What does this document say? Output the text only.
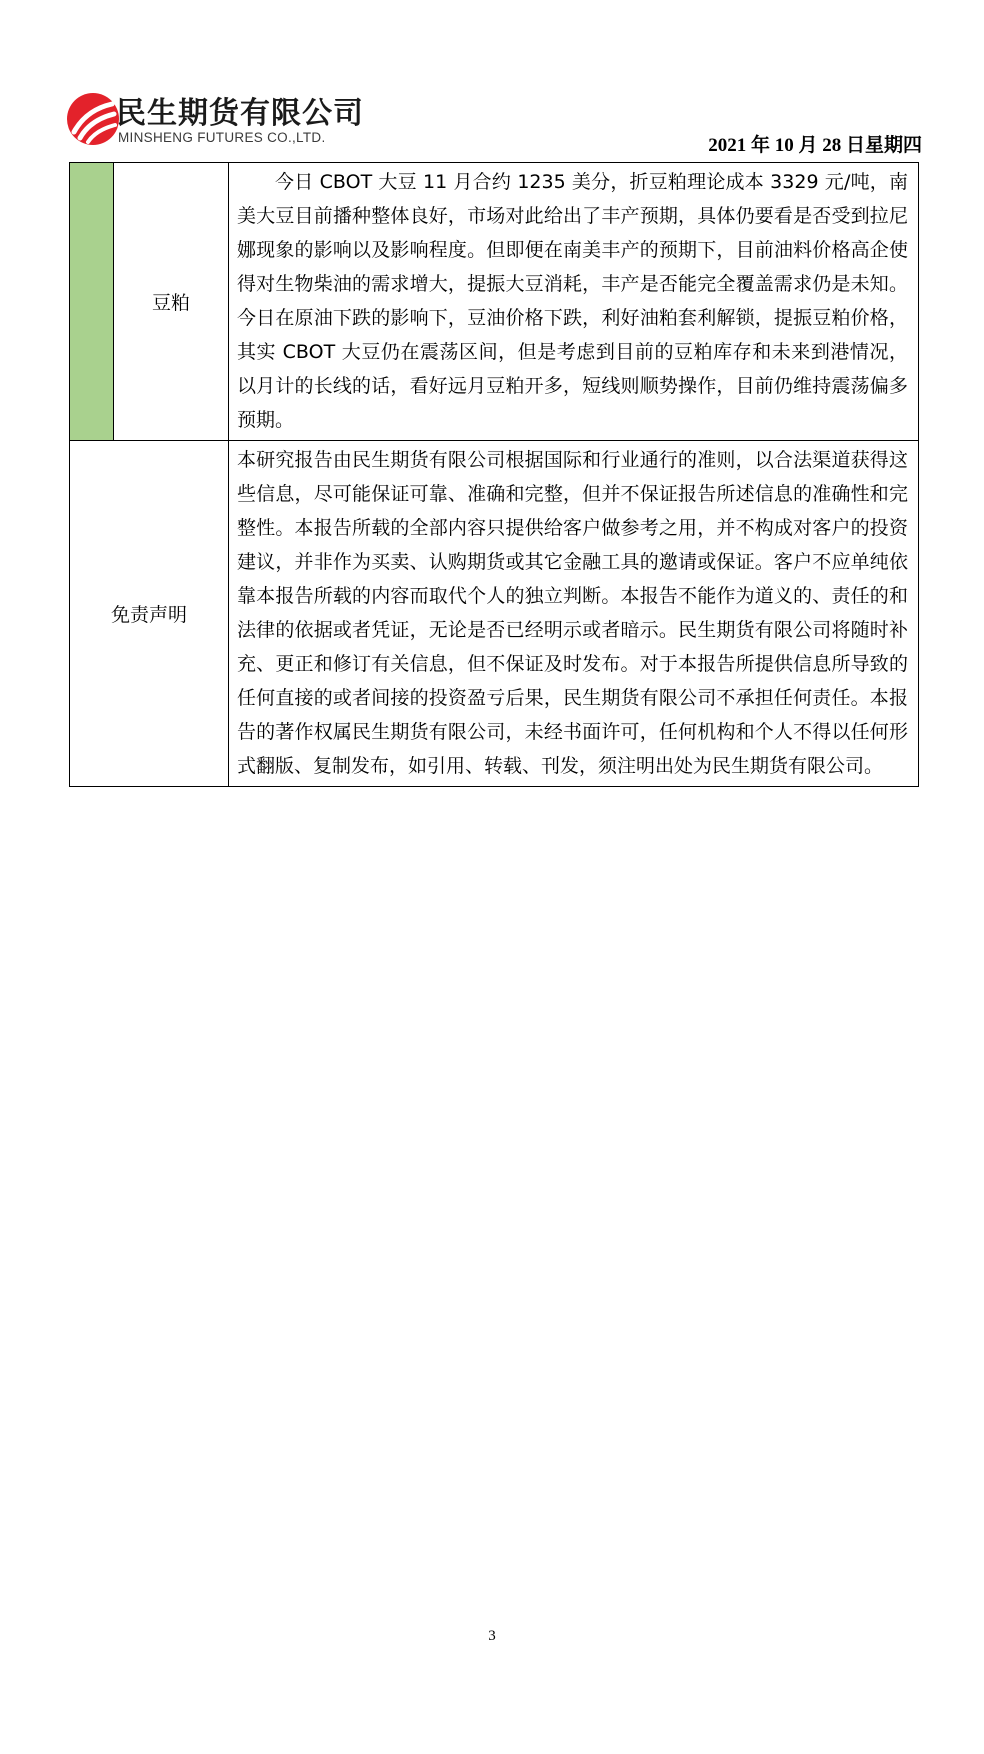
民生期货有限公司
MINSHENG FUTURES CO.,LTD.	2021 年 10 月 28 日星期四
	豆粕	今日 CBOT 大豆 11 月合约 1235 美分，折豆粕理论成本 3329 元/吨，南美大豆目前播种整体良好，市场对此给出了丰产预期，具体仍要看是否受到拉尼娜现象的影响以及影响程度。但即便在南美丰产的预期下，目前油料价格高企使得对生物柴油的需求增大，提振大豆消耗，丰产是否能完全覆盖需求仍是未知。今日在原油下跌的影响下，豆油价格下跌，利好油粕套利解锁，提振豆粕价格，其实 CBOT 大豆仍在震荡区间，但是考虑到目前的豆粕库存和未来到港情况，以月计的长线的话，看好远月豆粕开多，短线则顺势操作，目前仍维持震荡偏多预期。
免责声明		本研究报告由民生期货有限公司根据国际和行业通行的准则，以合法渠道获得这些信息，尽可能保证可靠、准确和完整，但并不保证报告所述信息的准确性和完整性。本报告所载的全部内容只提供给客户做参考之用，并不构成对客户的投资建议，并非作为买卖、认购期货或其它金融工具的邀请或保证。客户不应单纯依靠本报告所载的内容而取代个人的独立判断。本报告不能作为道义的、责任的和法律的依据或者凭证，无论是否已经明示或者暗示。民生期货有限公司将随时补充、更正和修订有关信息，但不保证及时发布。对于本报告所提供信息所导致的任何直接的或者间接的投资盈亏后果，民生期货有限公司不承担任何责任。本报告的著作权属民生期货有限公司，未经书面许可，任何机构和个人不得以任何形式翻版、复制发布，如引用、转载、刊发，须注明出处为民生期货有限公司。
3
